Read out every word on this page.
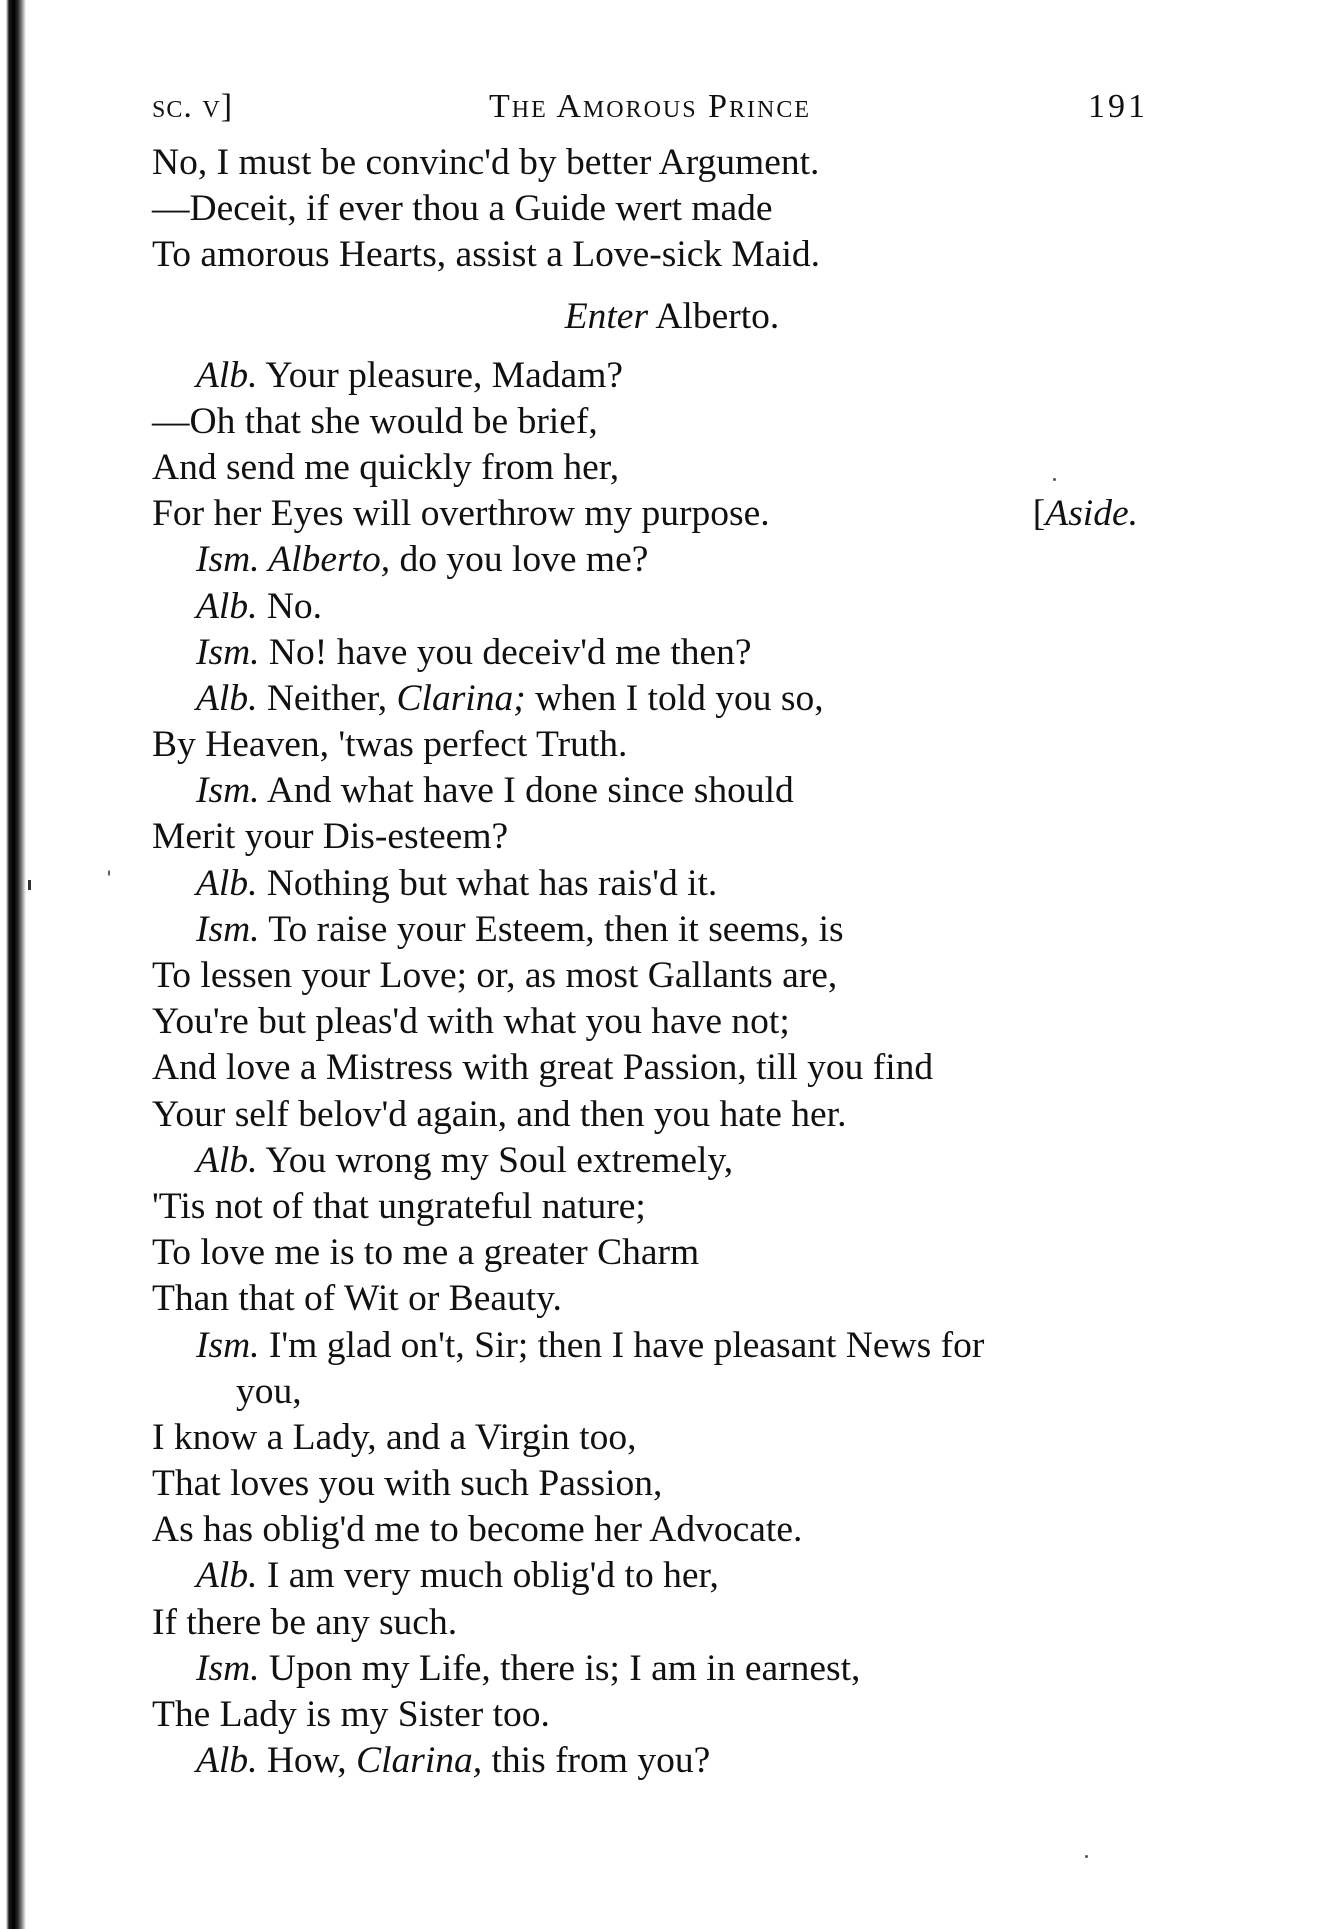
sc. v]	The Amorous Prince	191
No, I must be convinc'd by better Argument.
—Deceit, if ever thou a Guide wert made
To amorous Hearts, assist a Love-sick Maid.
Enter Alberto.
Alb. Your pleasure, Madam?
—Oh that she would be brief,
And send me quickly from her,
For her Eyes will overthrow my purpose.	[Aside.
Ism. Alberto, do you love me?
Alb. No.
Ism. No! have you deceiv'd me then?
Alb. Neither, Clarina; when I told you so,
By Heaven, 'twas perfect Truth.
Ism. And what have I done since should
Merit your Dis-esteem?
Alb. Nothing but what has rais'd it.
Ism. To raise your Esteem, then it seems, is
To lessen your Love; or, as most Gallants are,
You're but pleas'd with what you have not;
And love a Mistress with great Passion, till you find
Your self belov'd again, and then you hate her.
Alb. You wrong my Soul extremely,
'Tis not of that ungrateful nature;
To love me is to me a greater Charm
Than that of Wit or Beauty.
Ism. I'm glad on't, Sir; then I have pleasant News for
you,
I know a Lady, and a Virgin too,
That loves you with such Passion,
As has oblig'd me to become her Advocate.
Alb. I am very much oblig'd to her,
If there be any such.
Ism. Upon my Life, there is; I am in earnest,
The Lady is my Sister too.
Alb. How, Clarina, this from you?
